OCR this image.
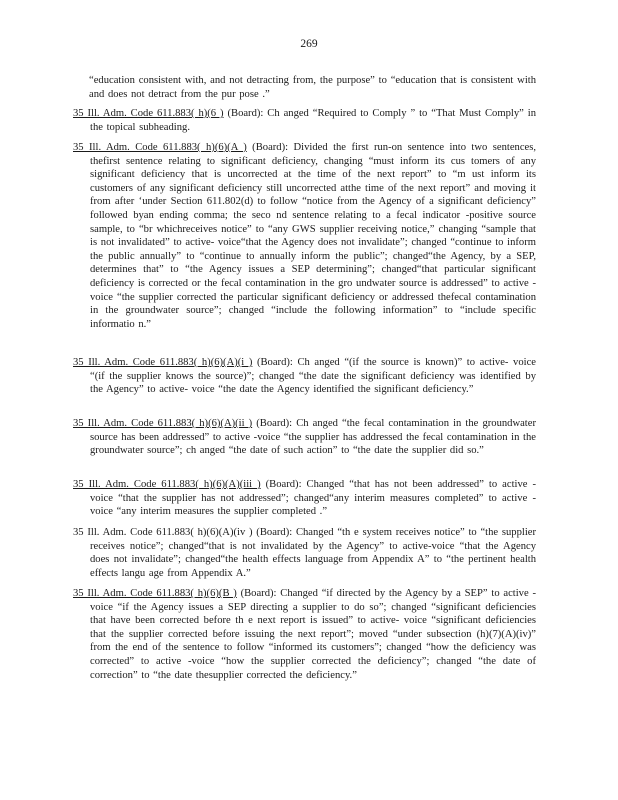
269

“education consistent with, and not detracting from, the purpose” to “education that is consistent with and does not detract from the pur pose .”

35 Ill. Adm. Code 611.883( h)(6 ) (Board): Ch anged “Required to Comply ” to “That Must Comply” in the topical subheading.

35 Ill. Adm. Code 611.883( h)(6)(A ) (Board): Divided the first run-on sentence into two sentences, thefirst sentence relating to significant deficiency, changing “must inform its cus tomers of any significant deficiency that is uncorrected at the time of the next report” to “m ust inform its customers of any significant deficiency still uncorrected atthe time of the next report” and moving it from after ‘under Section 611.802(d) to follow “notice from the Agency of a significant deficiency” followed byan ending comma; the seco nd sentence relating to a fecal indicator -positive source sample, to “br whichreceives notice” to “any GWS supplier receiving notice,” changing “sample that is not invalidated” to active- voice“that the Agency does not invalidate”; changed “continue to inform the public annually” to “continue to annually inform the public”; changed“the Agency, by a SEP, determines that” to “the Agency issues a SEP determining”; changed“that particular significant deficiency is corrected or the fecal contamination in the gro undwater source is addressed” to active -voice “the supplier corrected the particular significant deficiency or addressed thefecal contamination in the groundwater source”; changed “include the following information” to “include specific informatio n.”

35 Ill. Adm. Code 611.883( h)(6)(A)(i ) (Board): Ch anged “(if the source is known)” to active- voice “(if the supplier knows the source)”; changed “the date the significant deficiency was identified by the Agency” to active- voice “the date the Agency identified the significant deficiency.”

35 Ill. Adm. Code 611.883( h)(6)(A)(ii ) (Board): Ch anged “the fecal contamination in the groundwater source has been addressed” to active -voice “the supplier has addressed the fecal contamination in the groundwater source”; ch anged “the date of such action” to “the date the supplier did so.”

35 Ill. Adm. Code 611.883( h)(6)(A)(iii ) (Board): Changed “that has not been addressed” to active -voice “that the supplier has not addressed”; changed“any interim measures completed” to active - voice “any interim measures the supplier completed .”

35 Ill. Adm. Code 611.883( h)(6)(A)(iv ) (Board): Changed “th e system receives notice” to “the supplier receives notice”; changed“that is not invalidated by the Agency” to active-voice “that the Agency does not invalidate”; changed“the health effects language from Appendix A” to “the pertinent health effects langu age from Appendix A.”

35 Ill. Adm. Code 611.883( h)(6)(B ) (Board): Changed “if directed by the Agency by a SEP” to active -voice “if the Agency issues a SEP directing a supplier to do so”; changed “significant deficiencies that have been corrected before th e next report is issued” to active- voice “significant deficiencies that the supplier corrected before issuing the next report”; moved “under subsection (h)(7)(A)(iv)” from the end of the sentence to follow “informed its customers”; changed “how the deficiency was corrected” to active -voice “how the supplier corrected the deficiency”; changed “the date of correction” to “the date thesupplier corrected the deficiency.”
